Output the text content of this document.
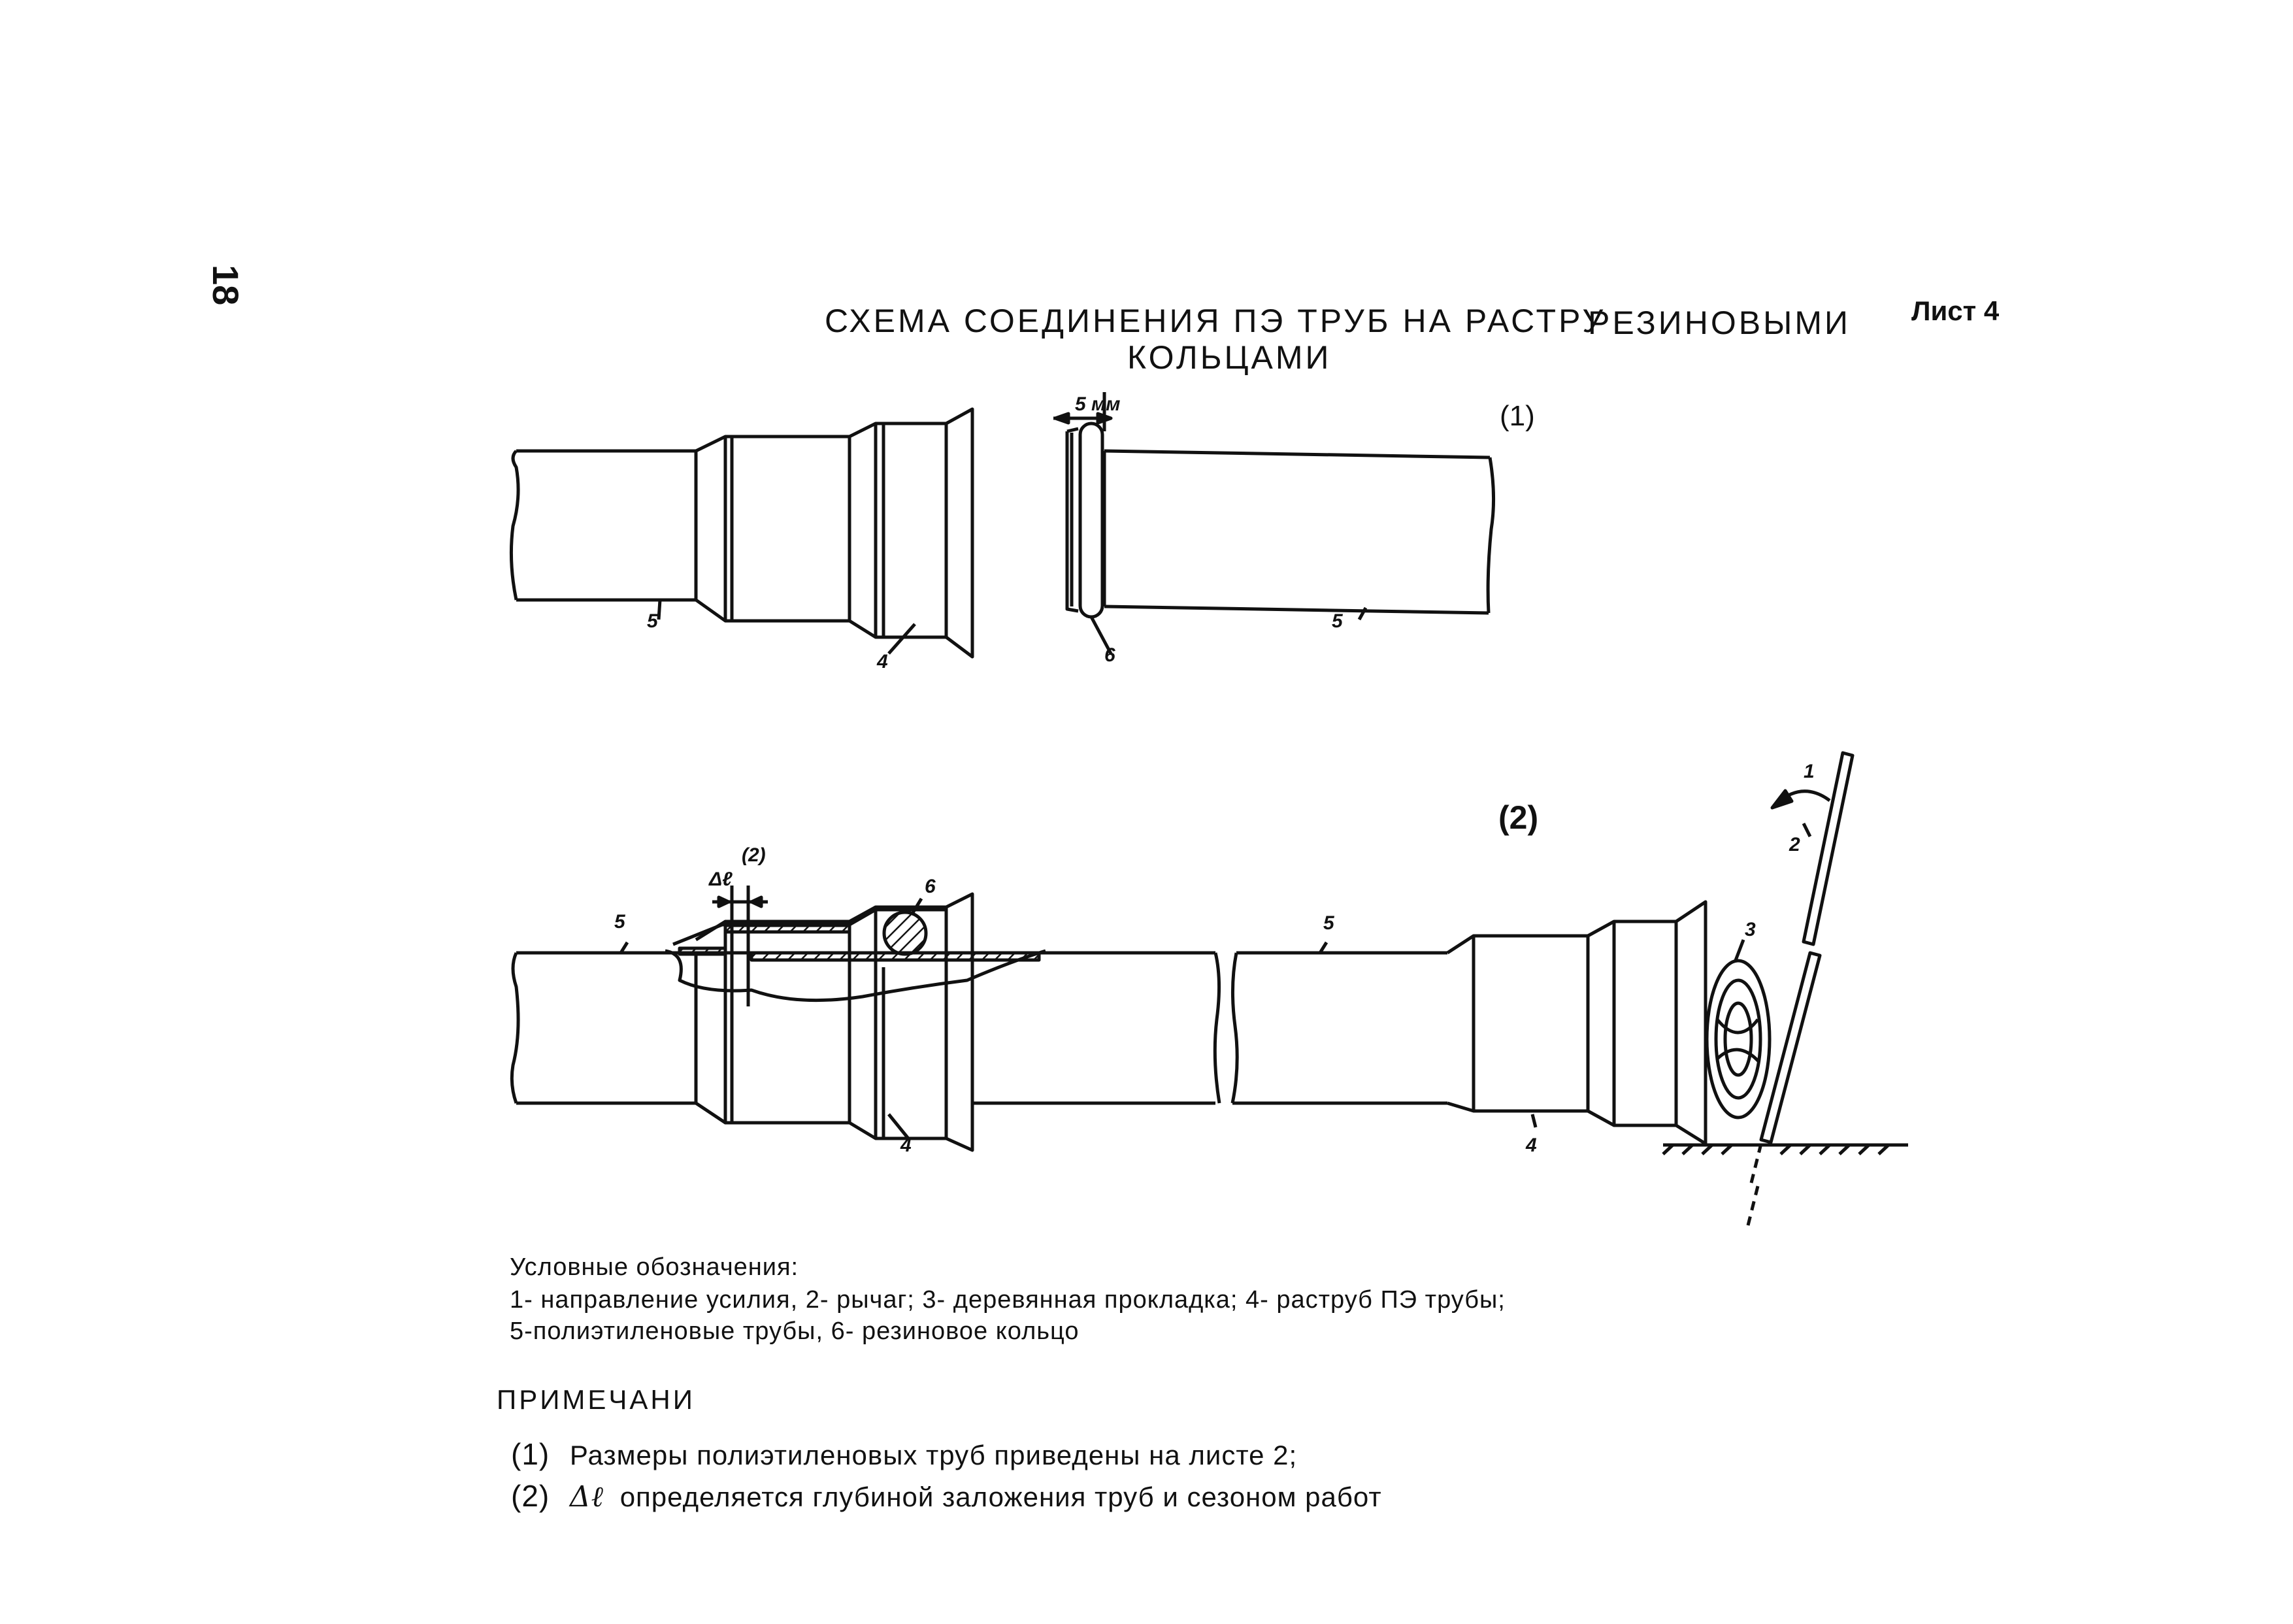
18
СХЕМА СОЕДИНЕНИЯ ПЭ ТРУБ НА РАСТРУ
РЕЗИНОВЫМИ
КОЛЬЦАМИ
Лист 4
(1)
(2)
5
4	6
5
5 мм
5
6
4
5
4
3
2
1
Δℓ
(2)
Условные обозначения:
1- направление усилия, 2- рычаг; 3- деревянная прокладка; 4- раструб ПЭ трубы;
5-полиэтиленовые трубы, 6- резиновое кольцо
ПРИМЕЧАНИ
(1) Размеры полиэтиленовых труб приведены на листе 2;
(2) Δℓ определяется глубиной заложения труб и сезоном работ
